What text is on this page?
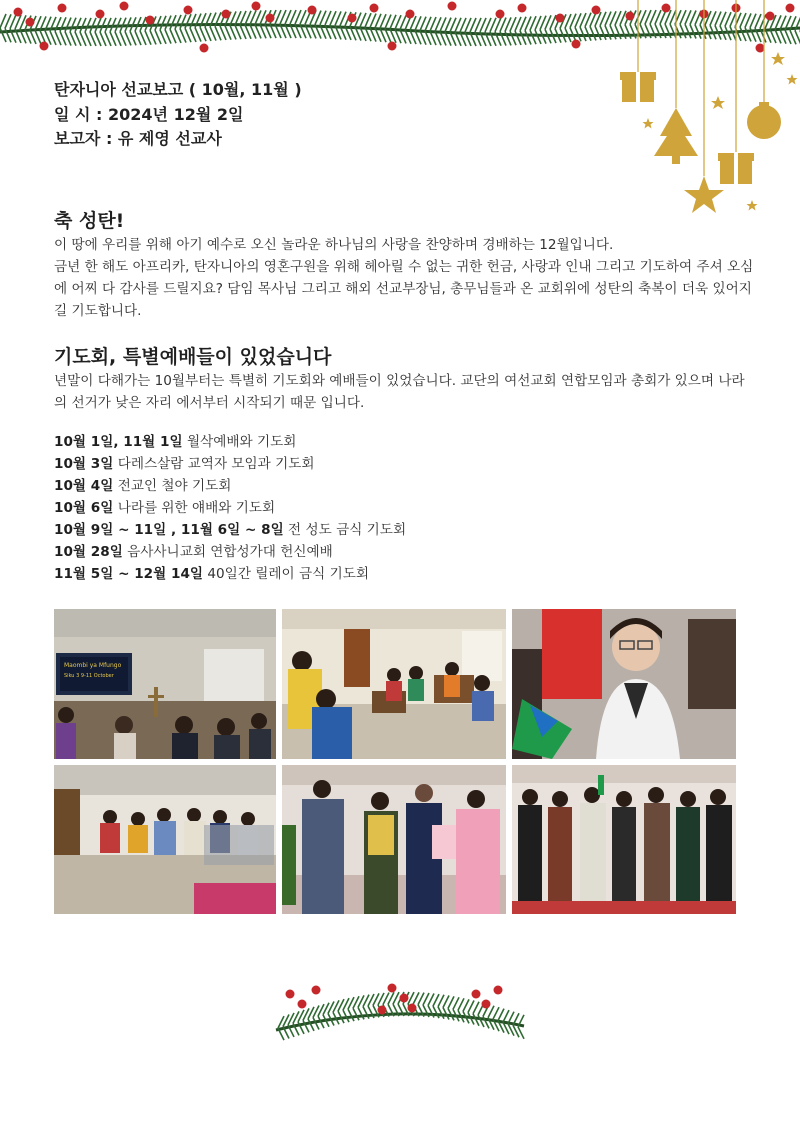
탄자니아 선교보고 ( 10월, 11월 )
일 시 : 2024년 12월 2일
보고자 : 유 제영 선교사
축 성탄!
이 땅에 우리를 위해 아기 예수로 오신 놀라운 하나님의 사랑을 찬양하며 경배하는 12월입니다.
금년 한 해도 아프리카, 탄자니아의 영혼구원을 위해 헤아릴 수 없는 귀한 헌금, 사랑과 인내 그리고 기도하여 주셔 오심
에 어찌 다 감사를 드릴지요? 담임 목사님 그리고 해외 선교부장님, 총무님들과 온 교회위에 성탄의 축복이 더욱 있어지
길 기도합니다.
기도회, 특별예배들이 있었습니다
년말이 다해가는 10월부터는 특별히 기도회와 예배들이 있었습니다. 교단의 여선교회 연합모임과 총회가 있으며 나라
의 선거가 낮은 자리 에서부터 시작되기 때문 입니다.
10월 1일, 11월 1일 월삭예배와 기도회
10월 3일 다레스살람 교역자 모임과 기도회
10월 4일 전교인 철야 기도회
10월 6일 나라를 위한 얘배와 기도회
10월 9일 ~ 11일 , 11월 6일 ~ 8일 전 성도 금식 기도회
10월 28일 음사사니교회 연합성가대 헌신예배
11월 5일 ~ 12월 14일 40일간 릴레이 금식 기도회
Maombi ya Mfungo
Siku 3 9-11 October
